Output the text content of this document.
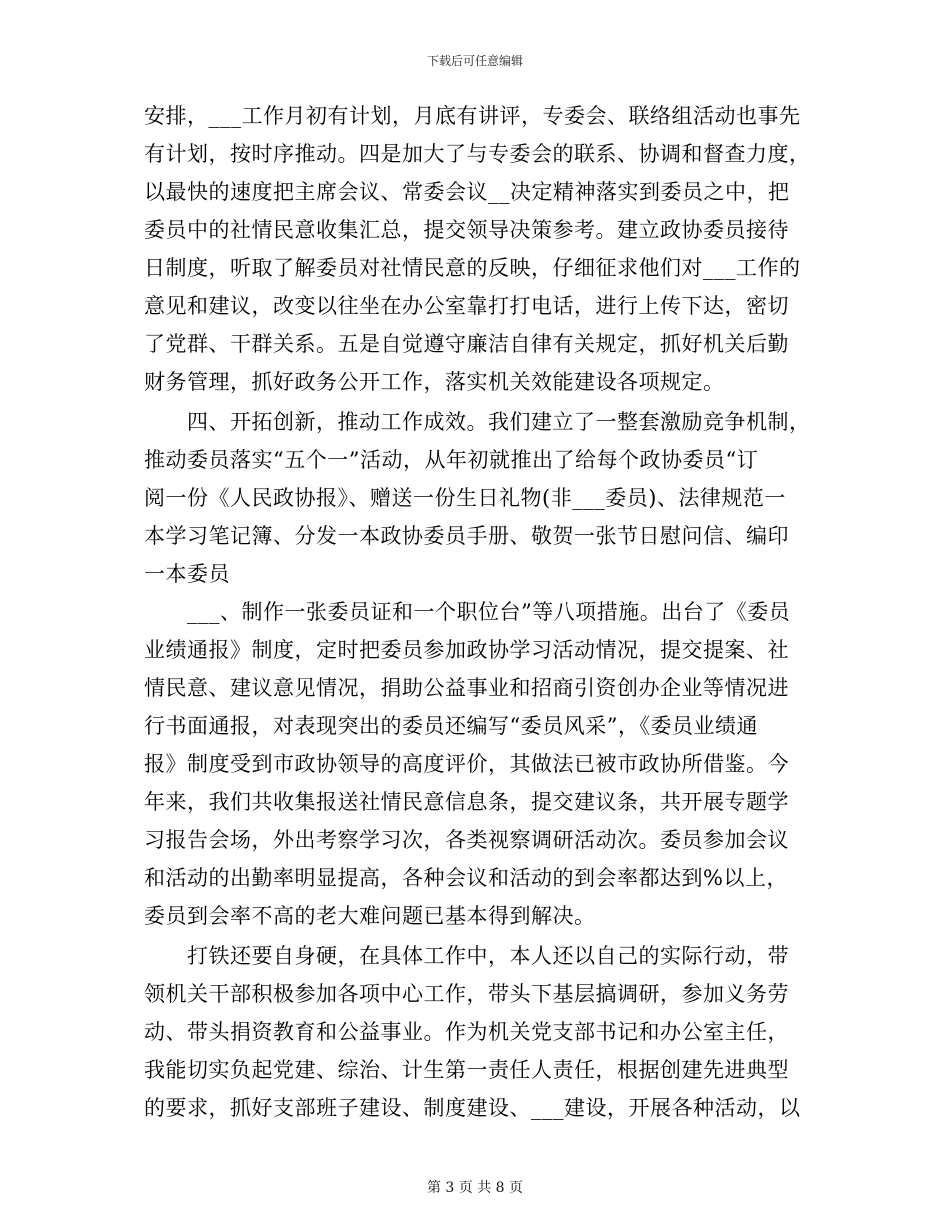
下载后可任意编辑
安排，___工作月初有计划，月底有讲评，专委会、联络组活动也事先
有计划，按时序推动。四是加大了与专委会的联系、协调和督查力度，
以最快的速度把主席会议、常委会议__决定精神落实到委员之中，把
委员中的社情民意收集汇总，提交领导决策参考。建立政协委员接待
日制度，听取了解委员对社情民意的反映，仔细征求他们对___工作的
意见和建议，改变以往坐在办公室靠打打电话，进行上传下达，密切
了党群、干群关系。五是自觉遵守廉洁自律有关规定，抓好机关后勤
财务管理，抓好政务公开工作，落实机关效能建设各项规定。
　　四、开拓创新，推动工作成效。我们建立了一整套激励竞争机制，
推动委员落实“五个一”活动，从年初就推出了给每个政协委员“订
阅一份《人民政协报》、赠送一份生日礼物(非___委员)、法律规范一
本学习笔记簿、分发一本政协委员手册、敬贺一张节日慰问信、编印
一本委员
　　___、制作一张委员证和一个职位台”等八项措施。出台了《委员
业绩通报》制度，定时把委员参加政协学习活动情况，提交提案、社
情民意、建议意见情况，捐助公益事业和招商引资创办企业等情况进
行书面通报，对表现突出的委员还编写“委员风采”，《委员业绩通
报》制度受到市政协领导的高度评价，其做法已被市政协所借鉴。今
年来，我们共收集报送社情民意信息条，提交建议条，共开展专题学
习报告会场，外出考察学习次，各类视察调研活动次。委员参加会议
和活动的出勤率明显提高，各种会议和活动的到会率都达到%以上，
委员到会率不高的老大难问题已基本得到解决。
　　打铁还要自身硬，在具体工作中，本人还以自己的实际行动，带
领机关干部积极参加各项中心工作，带头下基层搞调研，参加义务劳
动、带头捐资教育和公益事业。作为机关党支部书记和办公室主任，
我能切实负起党建、综治、计生第一责任人责任，根据创建先进典型
的要求，抓好支部班子建设、制度建设、___建设，开展各种活动，以
第 3 页 共 8 页
